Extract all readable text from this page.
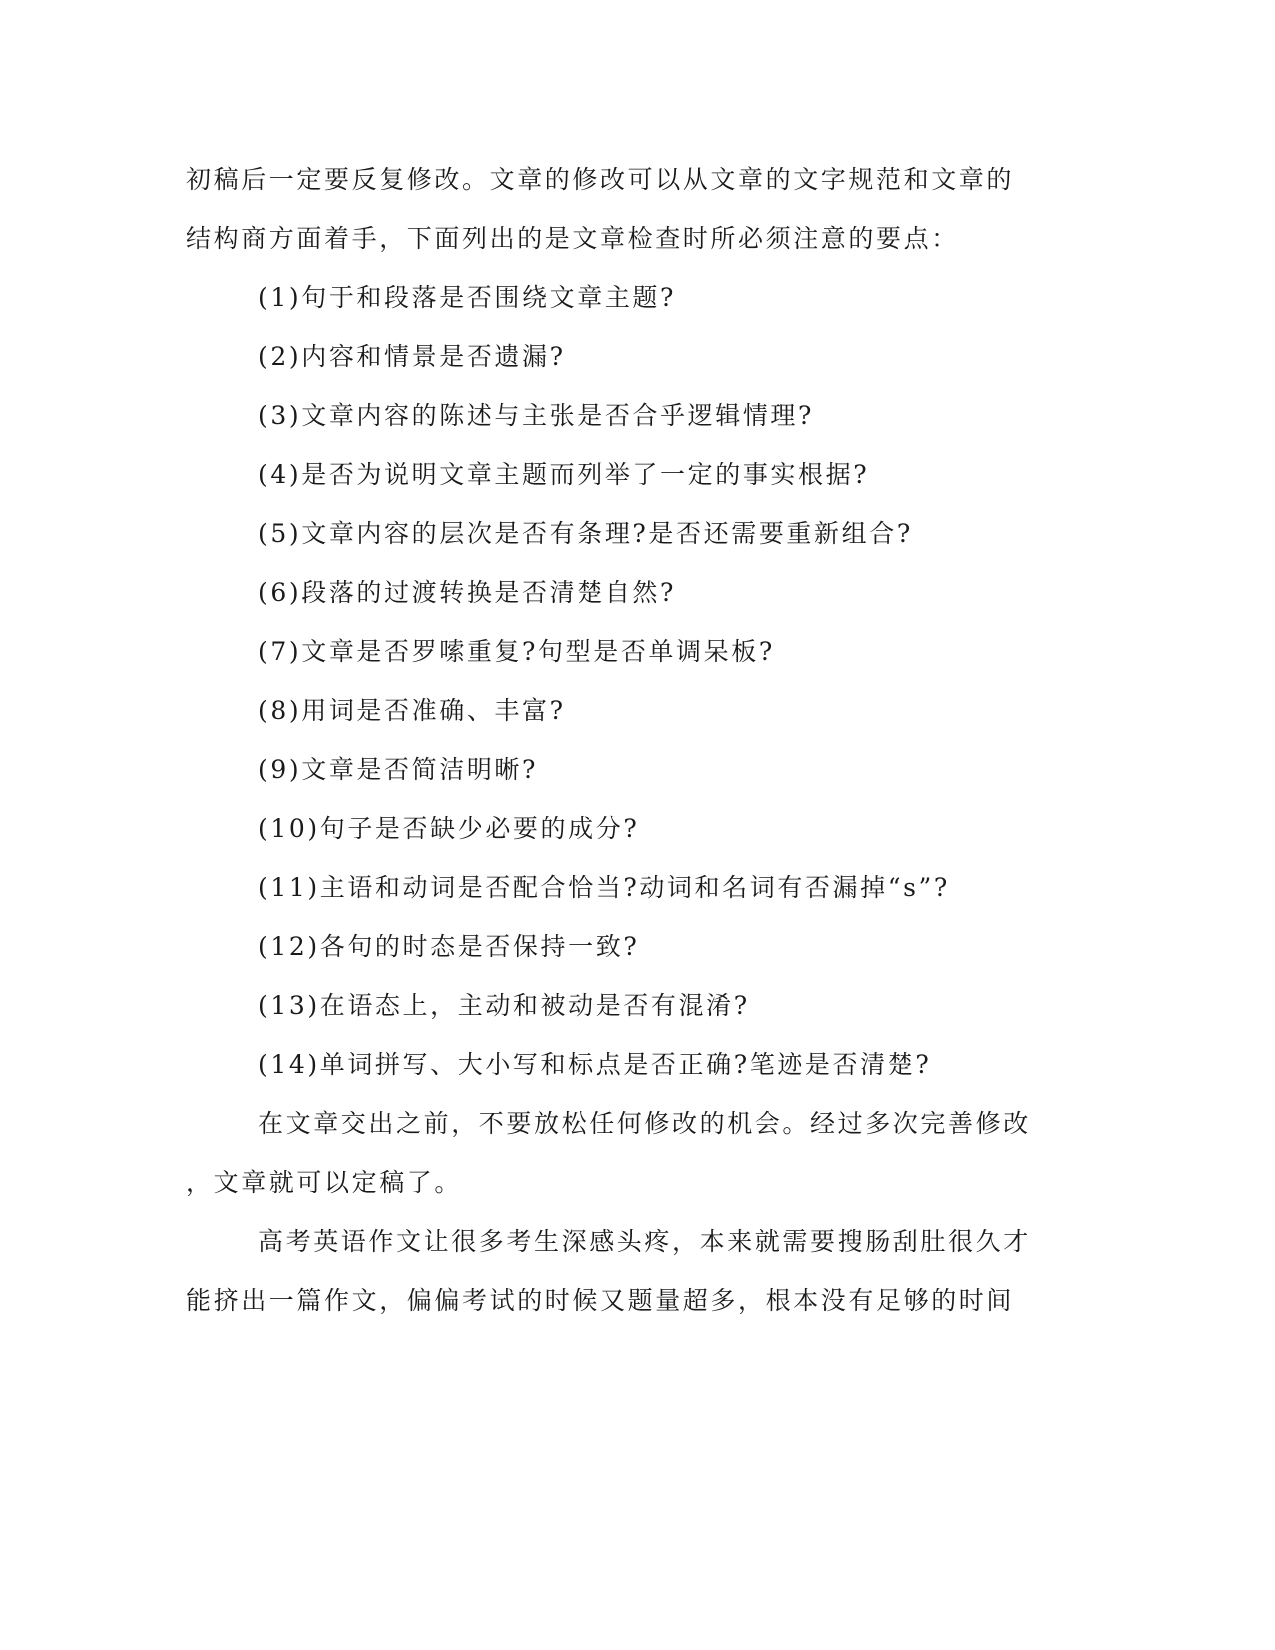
初稿后一定要反复修改。文章的修改可以从文章的文字规范和文章的
结构商方面着手，下面列出的是文章检查时所必须注意的要点：
(1)句于和段落是否围绕文章主题?
(2)内容和情景是否遗漏?
(3)文章内容的陈述与主张是否合乎逻辑情理?
(4)是否为说明文章主题而列举了一定的事实根据?
(5)文章内容的层次是否有条理?是否还需要重新组合?
(6)段落的过渡转换是否清楚自然?
(7)文章是否罗嗦重复?句型是否单调呆板?
(8)用词是否准确、丰富?
(9)文章是否简洁明晰?
(10)句子是否缺少必要的成分?
(11)主语和动词是否配合恰当?动词和名词有否漏掉“s”?
(12)各句的时态是否保持一致?
(13)在语态上，主动和被动是否有混淆?
(14)单词拼写、大小写和标点是否正确?笔迹是否清楚?
在文章交出之前，不要放松任何修改的机会。经过多次完善修改
，文章就可以定稿了。
高考英语作文让很多考生深感头疼，本来就需要搜肠刮肚很久才
能挤出一篇作文，偏偏考试的时候又题量超多，根本没有足够的时间
